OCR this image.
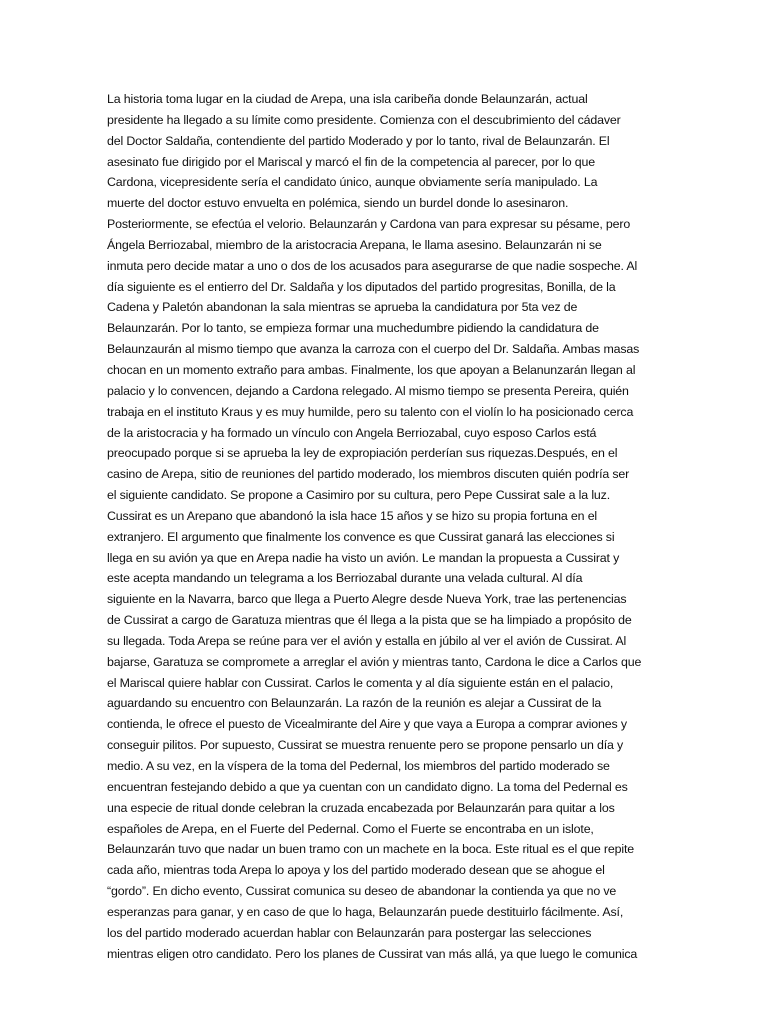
La historia toma lugar en la ciudad de Arepa, una isla caribeña donde Belaunzarán, actual
presidente ha llegado a su límite como presidente. Comienza con el descubrimiento del cádaver
del Doctor Saldaña, contendiente del partido Moderado y por lo tanto, rival de Belaunzarán. El
asesinato fue dirigido por el Mariscal y marcó el fin de la competencia al parecer, por lo que
Cardona, vicepresidente sería el candidato único, aunque obviamente sería manipulado. La
muerte del doctor estuvo envuelta en polémica, siendo un burdel donde lo asesinaron.
Posteriormente, se efectúa el velorio. Belaunzarán y Cardona van para expresar su pésame, pero
Ángela Berriozabal, miembro de la aristocracia Arepana, le llama asesino. Belaunzarán ni se
inmuta pero decide matar a uno o dos de los acusados para asegurarse de que nadie sospeche. Al
día siguiente es el entierro del Dr. Saldaña y los diputados del partido progresitas, Bonilla, de la
Cadena y Paletón abandonan la sala mientras se aprueba la candidatura por 5ta vez de
Belaunzarán. Por lo tanto, se empieza formar una muchedumbre pidiendo la candidatura de
Belaunzaurán al mismo tiempo que avanza la carroza con el cuerpo del Dr. Saldaña. Ambas masas
chocan en un momento extraño para ambas. Finalmente, los que apoyan a Belanunzarán llegan al
palacio y lo convencen, dejando a Cardona relegado. Al mismo tiempo se presenta Pereira, quién
trabaja en el instituto Kraus y es muy humilde, pero su talento con el violín lo ha posicionado cerca
de la aristocracia y ha formado un vínculo con Angela Berriozabal, cuyo esposo Carlos está
preocupado porque si se aprueba la ley de expropiación perderían sus riquezas.Después, en el
casino de Arepa, sitio de reuniones del partido moderado, los miembros discuten quién podría ser
el siguiente candidato. Se propone a Casimiro por su cultura, pero Pepe Cussirat sale a la luz.
Cussirat es un Arepano que abandonó la isla hace 15 años y se hizo su propia fortuna en el
extranjero. El argumento que finalmente los convence es que Cussirat ganará las elecciones si
llega en su avión ya que en Arepa nadie ha visto un avión. Le mandan la propuesta a Cussirat y
este acepta mandando un telegrama a los Berriozabal durante una velada cultural. Al día
siguiente en la Navarra, barco que llega a Puerto Alegre desde Nueva York, trae las pertenencias
de Cussirat a cargo de Garatuza mientras que él llega a la pista que se ha limpiado a propósito de
su llegada. Toda Arepa se reúne para ver el avión y estalla en júbilo al ver el avión de Cussirat. Al
bajarse, Garatuza se compromete a arreglar el avión y mientras tanto, Cardona le dice a Carlos que
el Mariscal quiere hablar con Cussirat. Carlos le comenta y al día siguiente están en el palacio,
aguardando su encuentro con Belaunzarán. La razón de la reunión es alejar a Cussirat de la
contienda, le ofrece el puesto de Vicealmirante del Aire y que vaya a Europa a comprar aviones y
conseguir pilitos. Por supuesto, Cussirat se muestra renuente pero se propone pensarlo un día y
medio. A su vez, en la víspera de la toma del Pedernal, los miembros del partido moderado se
encuentran festejando debido a que ya cuentan con un candidato digno. La toma del Pedernal es
una especie de ritual donde celebran la cruzada encabezada por Belaunzarán para quitar a los
españoles de Arepa, en el Fuerte del Pedernal. Como el Fuerte se encontraba en un islote,
Belaunzarán tuvo que nadar un buen tramo con un machete en la boca. Este ritual es el que repite
cada año, mientras toda Arepa lo apoya y los del partido moderado desean que se ahogue el
“gordo”. En dicho evento, Cussirat comunica su deseo de abandonar la contienda ya que no ve
esperanzas para ganar, y en caso de que lo haga, Belaunzarán puede destituirlo fácilmente. Así,
los del partido moderado acuerdan hablar con Belaunzarán para postergar las selecciones
mientras eligen otro candidato. Pero los planes de Cussirat van más allá, ya que luego le comunica
